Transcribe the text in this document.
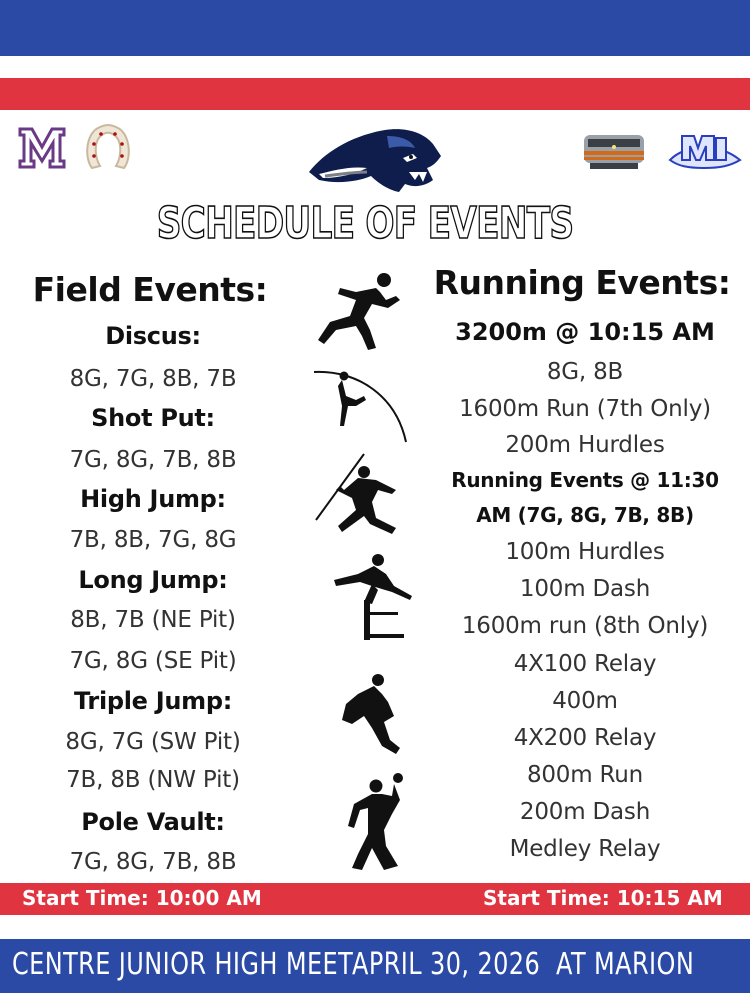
SCHEDULE OF EVENTS
Field Events:	Running Events:
Discus:
8G, 7G, 8B, 7B
Shot Put:
7G, 8G, 7B, 8B
High Jump:
7B, 8B, 7G, 8G
Long Jump:
8B, 7B (NE Pit)
7G, 8G (SE Pit)
Triple Jump:
8G, 7G (SW Pit)
7B, 8B (NW Pit)
Pole Vault:
7G, 8G, 7B, 8B
3200m @ 10:15 AM
8G, 8B
1600m Run (7th Only)
200m Hurdles
Running Events @ 11:30
AM (7G, 8G, 7B, 8B)
100m Hurdles
100m Dash
1600m run (8th Only)
4X100 Relay
400m
4X200 Relay
800m Run
200m Dash
Medley Relay
Start Time: 10:00 AM	Start Time: 10:15 AM
CENTRE JUNIOR HIGH MEET
APRIL 30, 2026 AT MARION
